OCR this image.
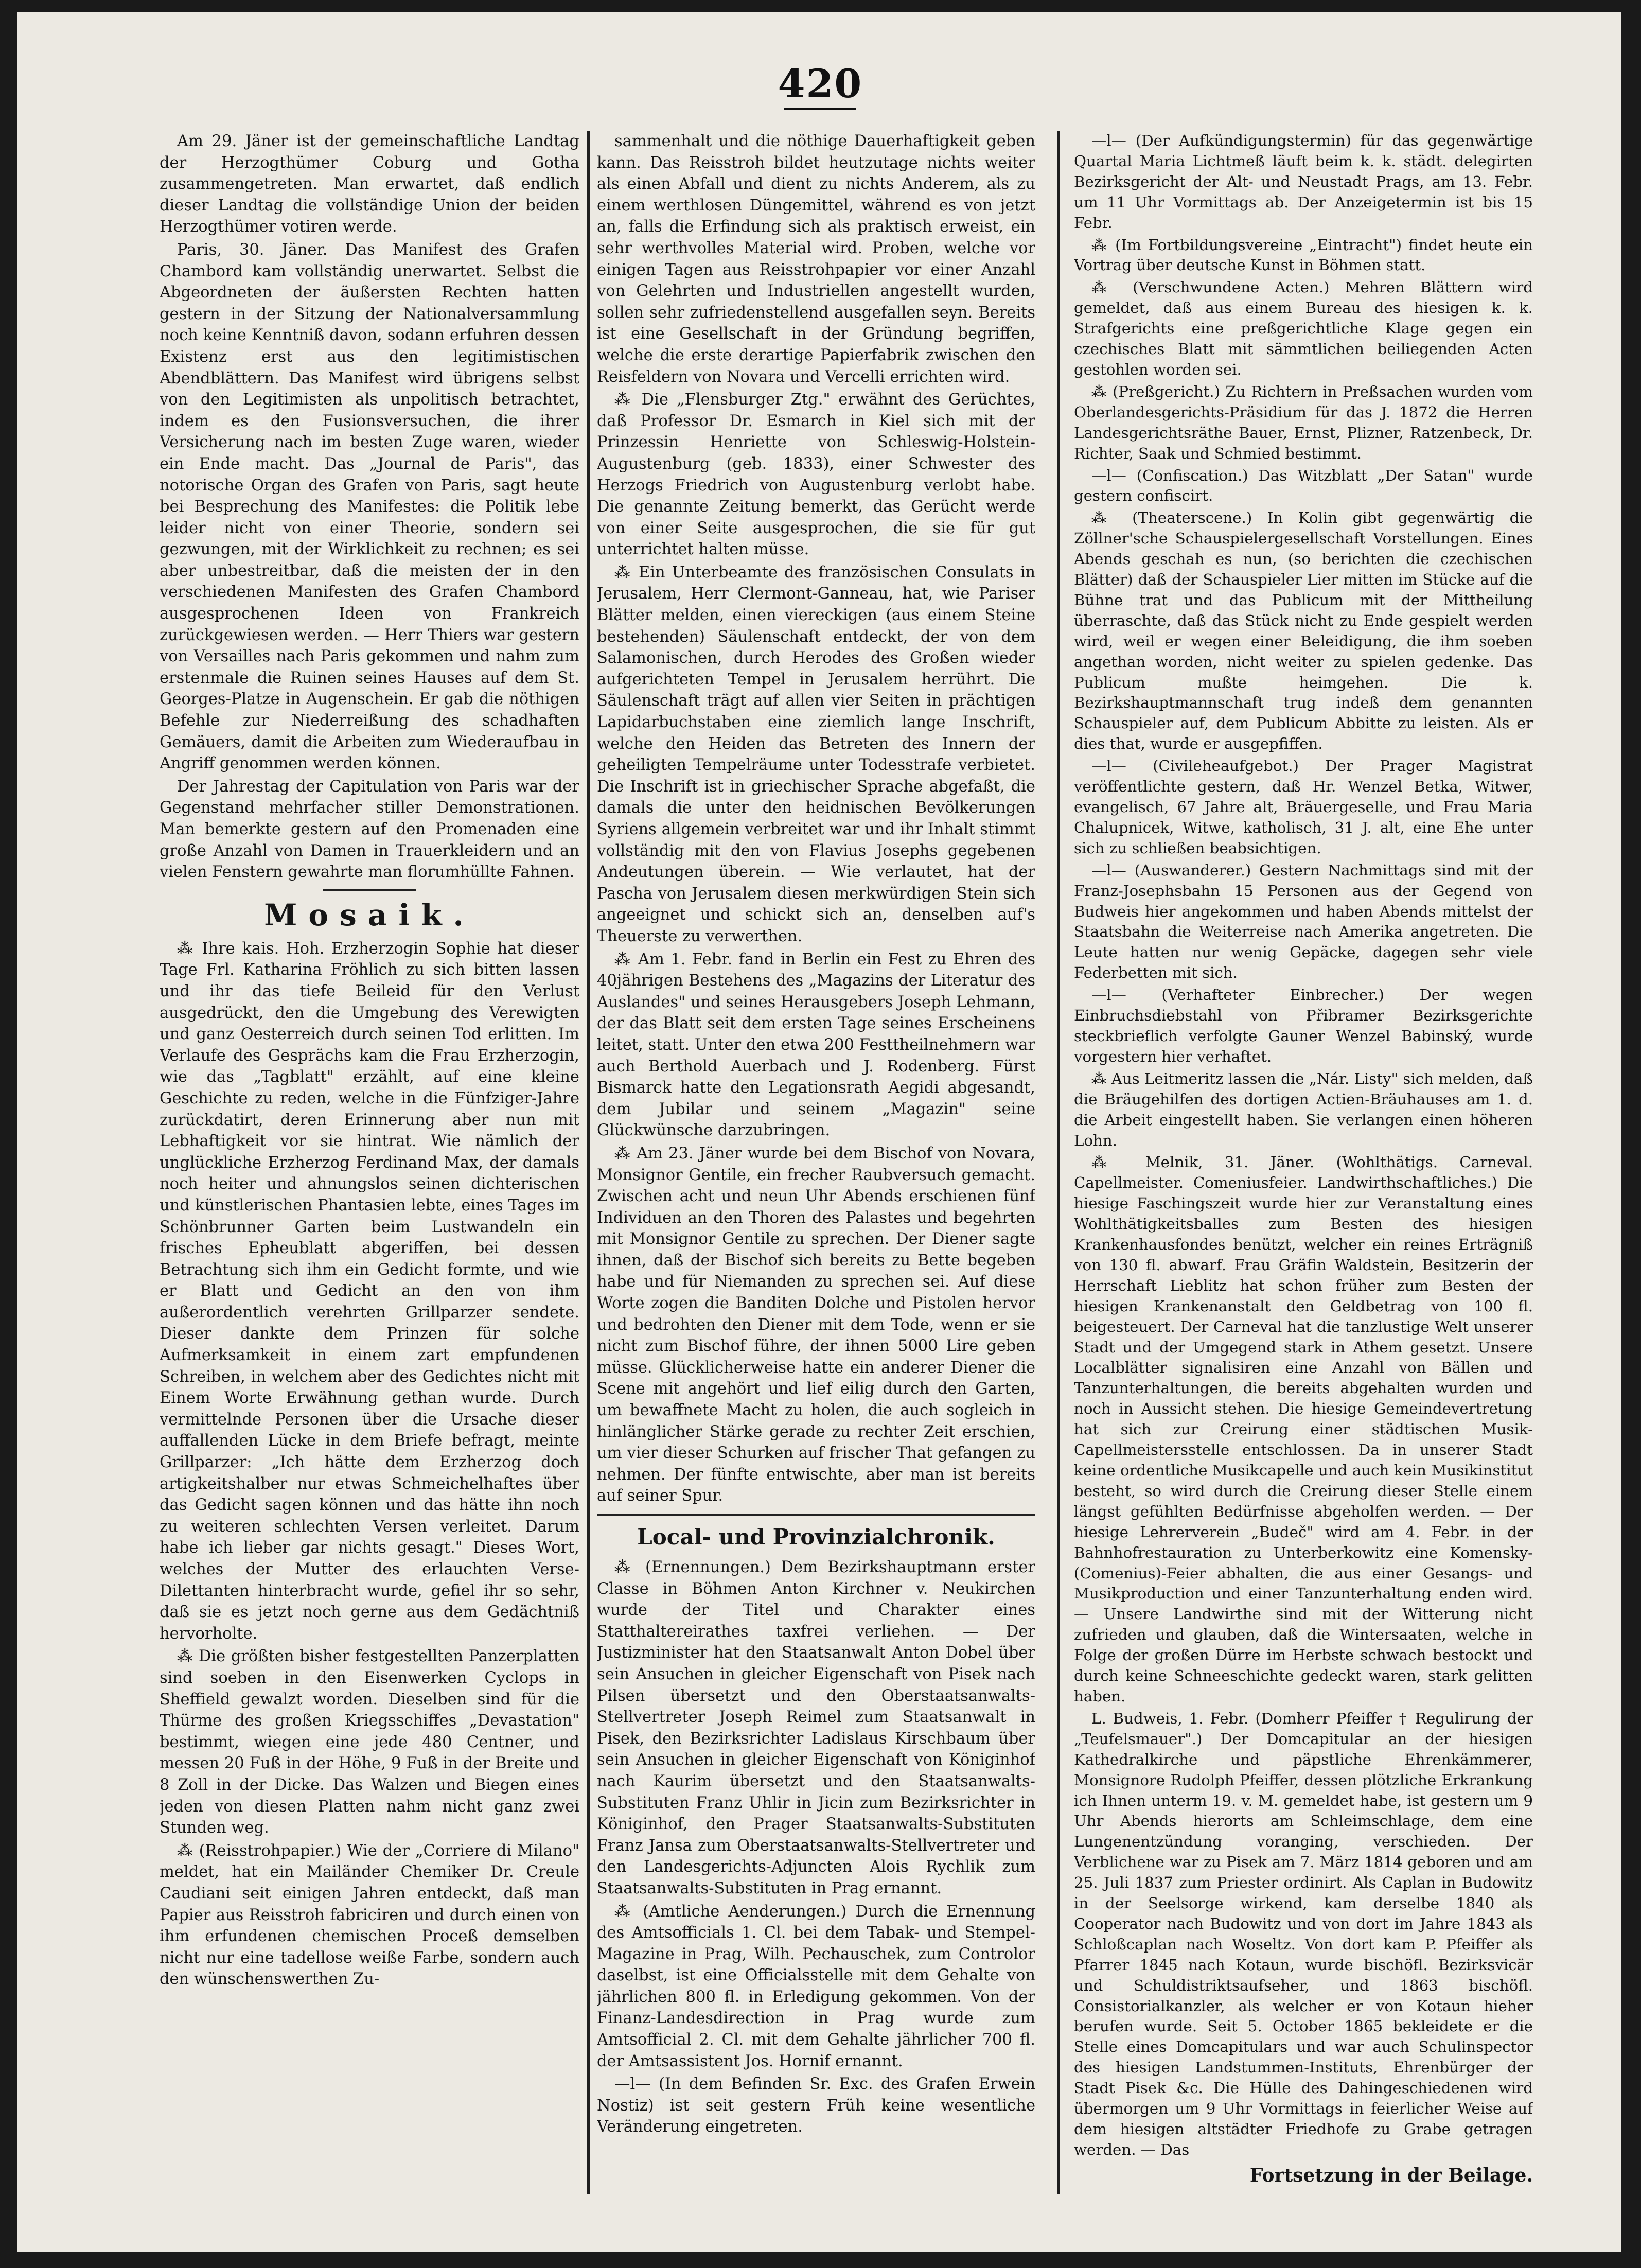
420

Am 29. Jäner ist der gemeinschaftliche Landtag der Herzogthümer Coburg und Gotha zusammengetreten. Man erwartet, daß endlich dieser Landtag die vollständige Union der beiden Herzogthümer votiren werde.

Paris, 30. Jäner. Das Manifest des Grafen Chambord kam vollständig unerwartet. Selbst die Abgeordneten der äußersten Rechten hatten gestern in der Sitzung der Nationalversammlung noch keine Kenntniß davon, sodann erfuhren dessen Existenz erst aus den legitimistischen Abendblättern. Das Manifest wird übrigens selbst von den Legitimisten als unpolitisch betrachtet, indem es den Fusionsversuchen, die ihrer Versicherung nach im besten Zuge waren, wieder ein Ende macht. Das „Journal de Paris", das notorische Organ des Grafen von Paris, sagt heute bei Besprechung des Manifestes: die Politik lebe leider nicht von einer Theorie, sondern sei gezwungen, mit der Wirklichkeit zu rechnen; es sei aber unbestreitbar, daß die meisten der in den verschiedenen Manifesten des Grafen Chambord ausgesprochenen Ideen von Frankreich zurückgewiesen werden. — Herr Thiers war gestern von Versailles nach Paris gekommen und nahm zum erstenmale die Ruinen seines Hauses auf dem St. Georges-Platze in Augenschein. Er gab die nöthigen Befehle zur Niederreißung des schadhaften Gemäuers, damit die Arbeiten zum Wiederaufbau in Angriff genommen werden können.

Der Jahrestag der Capitulation von Paris war der Gegenstand mehrfacher stiller Demonstrationen. Man bemerkte gestern auf den Promenaden eine große Anzahl von Damen in Trauerkleidern und an vielen Fenstern gewahrte man florumhüllte Fahnen.

Mosaik.

⁂ Ihre kais. Hoh. Erzherzogin Sophie hat dieser Tage Frl. Katharina Fröhlich zu sich bitten lassen und ihr das tiefe Beileid für den Verlust ausgedrückt, den die Umgebung des Verewigten und ganz Oesterreich durch seinen Tod erlitten. Im Verlaufe des Gesprächs kam die Frau Erzherzogin, wie das „Tagblatt" erzählt, auf eine kleine Geschichte zu reden, welche in die Fünfziger-Jahre zurückdatirt, deren Erinnerung aber nun mit Lebhaftigkeit vor sie hintrat. Wie nämlich der unglückliche Erzherzog Ferdinand Max, der damals noch heiter und ahnungslos seinen dichterischen und künstlerischen Phantasien lebte, eines Tages im Schönbrunner Garten beim Lustwandeln ein frisches Epheublatt abgeriffen, bei dessen Betrachtung sich ihm ein Gedicht formte, und wie er Blatt und Gedicht an den von ihm außerordentlich verehrten Grillparzer sendete. Dieser dankte dem Prinzen für solche Aufmerksamkeit in einem zart empfundenen Schreiben, in welchem aber des Gedichtes nicht mit Einem Worte Erwähnung gethan wurde. Durch vermittelnde Personen über die Ursache dieser auffallenden Lücke in dem Briefe befragt, meinte Grillparzer: „Ich hätte dem Erzherzog doch artigkeitshalber nur etwas Schmeichelhaftes über das Gedicht sagen können und das hätte ihn noch zu weiteren schlechten Versen verleitet. Darum habe ich lieber gar nichts gesagt." Dieses Wort, welches der Mutter des erlauchten Verse-Dilettanten hinterbracht wurde, gefiel ihr so sehr, daß sie es jetzt noch gerne aus dem Gedächtniß hervorholte.

⁂ Die größten bisher festgestellten Panzerplatten sind soeben in den Eisenwerken Cyclops in Sheffield gewalzt worden. Dieselben sind für die Thürme des großen Kriegsschiffes „Devastation" bestimmt, wiegen eine jede 480 Centner, und messen 20 Fuß in der Höhe, 9 Fuß in der Breite und 8 Zoll in der Dicke. Das Walzen und Biegen eines jeden von diesen Platten nahm nicht ganz zwei Stunden weg.

⁂ (Reisstrohpapier.) Wie der „Corriere di Milano" meldet, hat ein Mailänder Chemiker Dr. Creule Caudiani seit einigen Jahren entdeckt, daß man Papier aus Reisstroh fabriciren und durch einen von ihm erfundenen chemischen Proceß demselben nicht nur eine tadellose weiße Farbe, sondern auch den wünschenswerthen Zu-

sammenhalt und die nöthige Dauerhaftigkeit geben kann. Das Reisstroh bildet heutzutage nichts weiter als einen Abfall und dient zu nichts Anderem, als zu einem werthlosen Düngemittel, während es von jetzt an, falls die Erfindung sich als praktisch erweist, ein sehr werthvolles Material wird. Proben, welche vor einigen Tagen aus Reisstrohpapier vor einer Anzahl von Gelehrten und Industriellen angestellt wurden, sollen sehr zufriedenstellend ausgefallen seyn. Bereits ist eine Gesellschaft in der Gründung begriffen, welche die erste derartige Papierfabrik zwischen den Reisfeldern von Novara und Vercelli errichten wird.

⁂ Die „Flensburger Ztg." erwähnt des Gerüchtes, daß Professor Dr. Esmarch in Kiel sich mit der Prinzessin Henriette von Schleswig-Holstein-Augustenburg (geb. 1833), einer Schwester des Herzogs Friedrich von Augustenburg verlobt habe. Die genannte Zeitung bemerkt, das Gerücht werde von einer Seite ausgesprochen, die sie für gut unterrichtet halten müsse.

⁂ Ein Unterbeamte des französischen Consulats in Jerusalem, Herr Clermont-Ganneau, hat, wie Pariser Blätter melden, einen viereckigen (aus einem Steine bestehenden) Säulenschaft entdeckt, der von dem Salamonischen, durch Herodes des Großen wieder aufgerichteten Tempel in Jerusalem herrührt. Die Säulenschaft trägt auf allen vier Seiten in prächtigen Lapidarbuchstaben eine ziemlich lange Inschrift, welche den Heiden das Betreten des Innern der geheiligten Tempelräume unter Todesstrafe verbietet. Die Inschrift ist in griechischer Sprache abgefaßt, die damals die unter den heidnischen Bevölkerungen Syriens allgemein verbreitet war und ihr Inhalt stimmt vollständig mit den von Flavius Josephs gegebenen Andeutungen überein. — Wie verlautet, hat der Pascha von Jerusalem diesen merkwürdigen Stein sich angeeignet und schickt sich an, denselben auf's Theuerste zu verwerthen.

⁂ Am 1. Febr. fand in Berlin ein Fest zu Ehren des 40jährigen Bestehens des „Magazins der Literatur des Auslandes" und seines Herausgebers Joseph Lehmann, der das Blatt seit dem ersten Tage seines Erscheinens leitet, statt. Unter den etwa 200 Festtheilnehmern war auch Berthold Auerbach und J. Rodenberg. Fürst Bismarck hatte den Legationsrath Aegidi abgesandt, dem Jubilar und seinem „Magazin" seine Glückwünsche darzubringen.

⁂ Am 23. Jäner wurde bei dem Bischof von Novara, Monsignor Gentile, ein frecher Raubversuch gemacht. Zwischen acht und neun Uhr Abends erschienen fünf Individuen an den Thoren des Palastes und begehrten mit Monsignor Gentile zu sprechen. Der Diener sagte ihnen, daß der Bischof sich bereits zu Bette begeben habe und für Niemanden zu sprechen sei. Auf diese Worte zogen die Banditen Dolche und Pistolen hervor und bedrohten den Diener mit dem Tode, wenn er sie nicht zum Bischof führe, der ihnen 5000 Lire geben müsse. Glücklicherweise hatte ein anderer Diener die Scene mit angehört und lief eilig durch den Garten, um bewaffnete Macht zu holen, die auch sogleich in hinlänglicher Stärke gerade zu rechter Zeit erschien, um vier dieser Schurken auf frischer That gefangen zu nehmen. Der fünfte entwischte, aber man ist bereits auf seiner Spur.

Local- und Provinzialchronik.

⁂ (Ernennungen.) Dem Bezirkshauptmann erster Classe in Böhmen Anton Kirchner v. Neukirchen wurde der Titel und Charakter eines Statthaltereirathes taxfrei verliehen. — Der Justizminister hat den Staatsanwalt Anton Dobel über sein Ansuchen in gleicher Eigenschaft von Pisek nach Pilsen übersetzt und den Oberstaatsanwalts-Stellvertreter Joseph Reimel zum Staatsanwalt in Pisek, den Bezirksrichter Ladislaus Kirschbaum über sein Ansuchen in gleicher Eigenschaft von Königinhof nach Kaurim übersetzt und den Staatsanwalts-Substituten Franz Uhlir in Jicin zum Bezirksrichter in Königinhof, den Prager Staatsanwalts-Substituten Franz Jansa zum Oberstaatsanwalts-Stellvertreter und den Landesgerichts-Adjuncten Alois Rychlik zum Staatsanwalts-Substituten in Prag ernannt.

⁂ (Amtliche Aenderungen.) Durch die Ernennung des Amtsofficials 1. Cl. bei dem Tabak- und Stempel-Magazine in Prag, Wilh. Pechauschek, zum Controlor daselbst, ist eine Officialsstelle mit dem Gehalte von jährlichen 800 fl. in Erledigung gekommen. Von der Finanz-Landesdirection in Prag wurde zum Amtsofficial 2. Cl. mit dem Gehalte jährlicher 700 fl. der Amtsassistent Jos. Hornif ernannt.

—l— (In dem Befinden Sr. Exc. des Grafen Erwein Nostiz) ist seit gestern Früh keine wesentliche Veränderung eingetreten.

—l— (Der Aufkündigungstermin) für das gegenwärtige Quartal Maria Lichtmeß läuft beim k. k. städt. delegirten Bezirksgericht der Alt- und Neustadt Prags, am 13. Febr. um 11 Uhr Vormittags ab. Der Anzeigetermin ist bis 15 Febr.

⁂ (Im Fortbildungsvereine „Eintracht") findet heute ein Vortrag über deutsche Kunst in Böhmen statt.

⁂ (Verschwundene Acten.) Mehren Blättern wird gemeldet, daß aus einem Bureau des hiesigen k. k. Strafgerichts eine preßgerichtliche Klage gegen ein czechisches Blatt mit sämmtlichen beiliegenden Acten gestohlen worden sei.

⁂ (Preßgericht.) Zu Richtern in Preßsachen wurden vom Oberlandesgerichts-Präsidium für das J. 1872 die Herren Landesgerichtsräthe Bauer, Ernst, Plizner, Ratzenbeck, Dr. Richter, Saak und Schmied bestimmt.

—l— (Confiscation.) Das Witzblatt „Der Satan" wurde gestern confiscirt.

⁂ (Theaterscene.) In Kolin gibt gegenwärtig die Zöllner'sche Schauspielergesellschaft Vorstellungen. Eines Abends geschah es nun, (so berichten die czechischen Blätter) daß der Schauspieler Lier mitten im Stücke auf die Bühne trat und das Publicum mit der Mittheilung überraschte, daß das Stück nicht zu Ende gespielt werden wird, weil er wegen einer Beleidigung, die ihm soeben angethan worden, nicht weiter zu spielen gedenke. Das Publicum mußte heimgehen. Die k. Bezirkshauptmannschaft trug indeß dem genannten Schauspieler auf, dem Publicum Abbitte zu leisten. Als er dies that, wurde er ausgepfiffen.

—l— (Civileheaufgebot.) Der Prager Magistrat veröffentlichte gestern, daß Hr. Wenzel Betka, Witwer, evangelisch, 67 Jahre alt, Bräuergeselle, und Frau Maria Chalupnicek, Witwe, katholisch, 31 J. alt, eine Ehe unter sich zu schließen beabsichtigen.

—l— (Auswanderer.) Gestern Nachmittags sind mit der Franz-Josephsbahn 15 Personen aus der Gegend von Budweis hier angekommen und haben Abends mittelst der Staatsbahn die Weiterreise nach Amerika angetreten. Die Leute hatten nur wenig Gepäcke, dagegen sehr viele Federbetten mit sich.

—l— (Verhafteter Einbrecher.) Der wegen Einbruchsdiebstahl von Přibramer Bezirksgerichte steckbrieflich verfolgte Gauner Wenzel Babinský, wurde vorgestern hier verhaftet.

⁂ Aus Leitmeritz lassen die „Nár. Listy" sich melden, daß die Bräugehilfen des dortigen Actien-Bräuhauses am 1. d. die Arbeit eingestellt haben. Sie verlangen einen höheren Lohn.

⁂ Melnik, 31. Jäner. (Wohlthätigs. Carneval. Capellmeister. Comeniusfeier. Landwirthschaftliches.) Die hiesige Faschingszeit wurde hier zur Veranstaltung eines Wohlthätigkeitsballes zum Besten des hiesigen Krankenhausfondes benützt, welcher ein reines Erträgniß von 130 fl. abwarf. Frau Gräfin Waldstein, Besitzerin der Herrschaft Lieblitz hat schon früher zum Besten der hiesigen Krankenanstalt den Geldbetrag von 100 fl. beigesteuert. Der Carneval hat die tanzlustige Welt unserer Stadt und der Umgegend stark in Athem gesetzt. Unsere Localblätter signalisiren eine Anzahl von Bällen und Tanzunterhaltungen, die bereits abgehalten wurden und noch in Aussicht stehen. Die hiesige Gemeindevertretung hat sich zur Creirung einer städtischen Musik-Capellmeistersstelle entschlossen. Da in unserer Stadt keine ordentliche Musikcapelle und auch kein Musikinstitut besteht, so wird durch die Creirung dieser Stelle einem längst gefühlten Bedürfnisse abgeholfen werden. — Der hiesige Lehrerverein „Budeč" wird am 4. Febr. in der Bahnhofrestauration zu Unterberkowitz eine Komensky-(Comenius)-Feier abhalten, die aus einer Gesangs- und Musikproduction und einer Tanzunterhaltung enden wird. — Unsere Landwirthe sind mit der Witterung nicht zufrieden und glauben, daß die Wintersaaten, welche in Folge der großen Dürre im Herbste schwach bestockt und durch keine Schneeschichte gedeckt waren, stark gelitten haben.

L. Budweis, 1. Febr. (Domherr Pfeiffer † Regulirung der „Teufelsmauer".) Der Domcapitular an der hiesigen Kathedralkirche und päpstliche Ehrenkämmerer, Monsignore Rudolph Pfeiffer, dessen plötzliche Erkrankung ich Ihnen unterm 19. v. M. gemeldet habe, ist gestern um 9 Uhr Abends hierorts am Schleimschlage, dem eine Lungenentzündung voranging, verschieden. Der Verblichene war zu Pisek am 7. März 1814 geboren und am 25. Juli 1837 zum Priester ordinirt. Als Caplan in Budowitz in der Seelsorge wirkend, kam derselbe 1840 als Cooperator nach Budowitz und von dort im Jahre 1843 als Schloßcaplan nach Woseltz. Von dort kam P. Pfeiffer als Pfarrer 1845 nach Kotaun, wurde bischöfl. Bezirksvicär und Schuldistriktsaufseher, und 1863 bischöfl. Consistorialkanzler, als welcher er von Kotaun hieher berufen wurde. Seit 5. October 1865 bekleidete er die Stelle eines Domcapitulars und war auch Schulinspector des hiesigen Landstummen-Instituts, Ehrenbürger der Stadt Pisek &c. Die Hülle des Dahingeschiedenen wird übermorgen um 9 Uhr Vormittags in feierlicher Weise auf dem hiesigen altstädter Friedhofe zu Grabe getragen werden. — Das

Fortsetzung in der Beilage.
